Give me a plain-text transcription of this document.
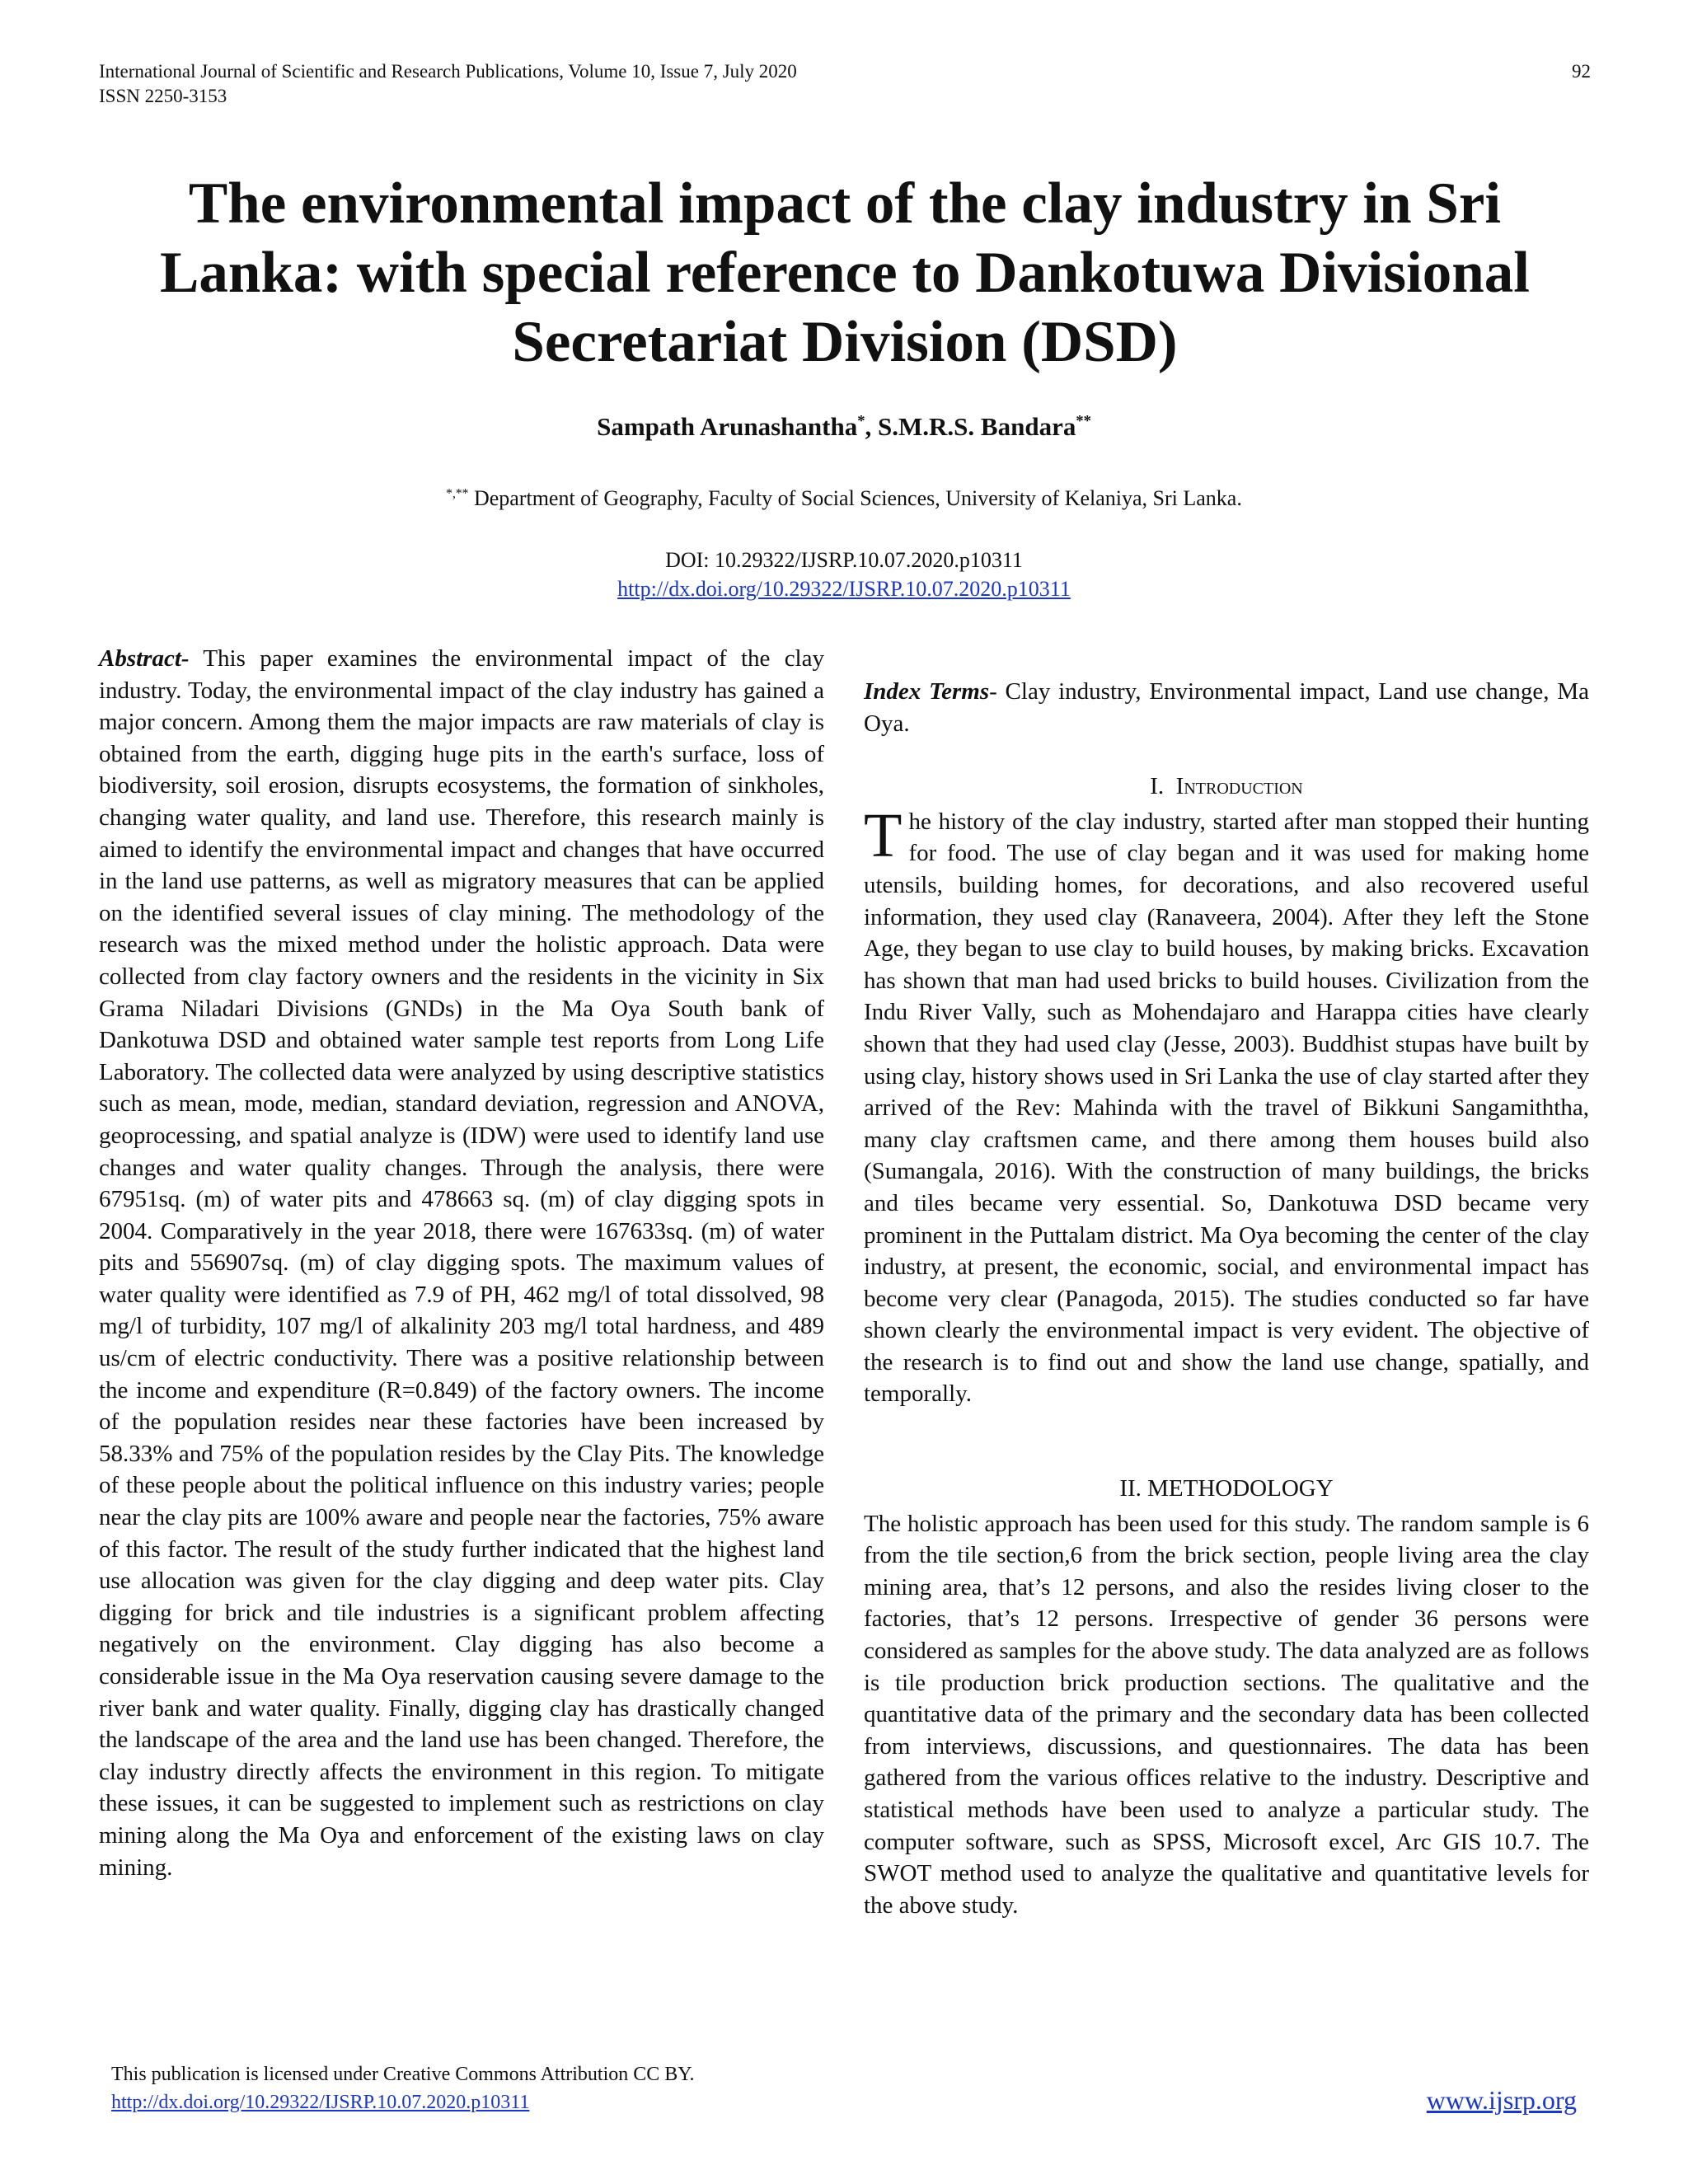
International Journal of Scientific and Research Publications, Volume 10, Issue 7, July 2020
ISSN 2250-3153
92
The environmental impact of the clay industry in Sri Lanka: with special reference to Dankotuwa Divisional Secretariat Division (DSD)
Sampath Arunashantha*, S.M.R.S. Bandara**
*,** Department of Geography, Faculty of Social Sciences, University of Kelaniya, Sri Lanka.
DOI: 10.29322/IJSRP.10.07.2020.p10311
http://dx.doi.org/10.29322/IJSRP.10.07.2020.p10311

Abstract- This paper examines the environmental impact of the clay industry. Today, the environmental impact of the clay industry has gained a major concern. Among them the major impacts are raw materials of clay is obtained from the earth, digging huge pits in the earth's surface, loss of biodiversity, soil erosion, disrupts ecosystems, the formation of sinkholes, changing water quality, and land use. Therefore, this research mainly is aimed to identify the environmental impact and changes that have occurred in the land use patterns, as well as migratory measures that can be applied on the identified several issues of clay mining. The methodology of the research was the mixed method under the holistic approach. Data were collected from clay factory owners and the residents in the vicinity in Six Grama Niladari Divisions (GNDs) in the Ma Oya South bank of Dankotuwa DSD and obtained water sample test reports from Long Life Laboratory. The collected data were analyzed by using descriptive statistics such as mean, mode, median, standard deviation, regression and ANOVA, geoprocessing, and spatial analyze is (IDW) were used to identify land use changes and water quality changes. Through the analysis, there were 67951sq. (m) of water pits and 478663 sq. (m) of clay digging spots in 2004. Comparatively in the year 2018, there were 167633sq. (m) of water pits and 556907sq. (m) of clay digging spots. The maximum values of water quality were identified as 7.9 of PH, 462 mg/l of total dissolved, 98 mg/l of turbidity, 107 mg/l of alkalinity 203 mg/l total hardness, and 489 us/cm of electric conductivity. There was a positive relationship between the income and expenditure (R=0.849) of the factory owners. The income of the population resides near these factories have been increased by 58.33% and 75% of the population resides by the Clay Pits. The knowledge of these people about the political influence on this industry varies; people near the clay pits are 100% aware and people near the factories, 75% aware of this factor. The result of the study further indicated that the highest land use allocation was given for the clay digging and deep water pits. Clay digging for brick and tile industries is a significant problem affecting negatively on the environment. Clay digging has also become a considerable issue in the Ma Oya reservation causing severe damage to the river bank and water quality. Finally, digging clay has drastically changed the landscape of the area and the land use has been changed. Therefore, the clay industry directly affects the environment in this region. To mitigate these issues, it can be suggested to implement such as restrictions on clay mining along the Ma Oya and enforcement of the existing laws on clay mining.

Index Terms- Clay industry, Environmental impact, Land use change, Ma Oya.

I. Introduction

The history of the clay industry, started after man stopped their hunting for food. The use of clay began and it was used for making home utensils, building homes, for decorations, and also recovered useful information, they used clay (Ranaveera, 2004). After they left the Stone Age, they began to use clay to build houses, by making bricks. Excavation has shown that man had used bricks to build houses. Civilization from the Indu River Vally, such as Mohendajaro and Harappa cities have clearly shown that they had used clay (Jesse, 2003). Buddhist stupas have built by using clay, history shows used in Sri Lanka the use of clay started after they arrived of the Rev: Mahinda with the travel of Bikkuni Sangamiththa, many clay craftsmen came, and there among them houses build also (Sumangala, 2016). With the construction of many buildings, the bricks and tiles became very essential. So, Dankotuwa DSD became very prominent in the Puttalam district. Ma Oya becoming the center of the clay industry, at present, the economic, social, and environmental impact has become very clear (Panagoda, 2015). The studies conducted so far have shown clearly the environmental impact is very evident. The objective of the research is to find out and show the land use change, spatially, and temporally.

II. METHODOLOGY

The holistic approach has been used for this study. The random sample is 6 from the tile section,6 from the brick section, people living area the clay mining area, that’s 12 persons, and also the resides living closer to the factories, that’s 12 persons. Irrespective of gender 36 persons were considered as samples for the above study. The data analyzed are as follows is tile production brick production sections. The qualitative and the quantitative data of the primary and the secondary data has been collected from interviews, discussions, and questionnaires. The data has been gathered from the various offices relative to the industry. Descriptive and statistical methods have been used to analyze a particular study. The computer software, such as SPSS, Microsoft excel, Arc GIS 10.7. The SWOT method used to analyze the qualitative and quantitative levels for the above study.

This publication is licensed under Creative Commons Attribution CC BY.
http://dx.doi.org/10.29322/IJSRP.10.07.2020.p10311	www.ijsrp.org
